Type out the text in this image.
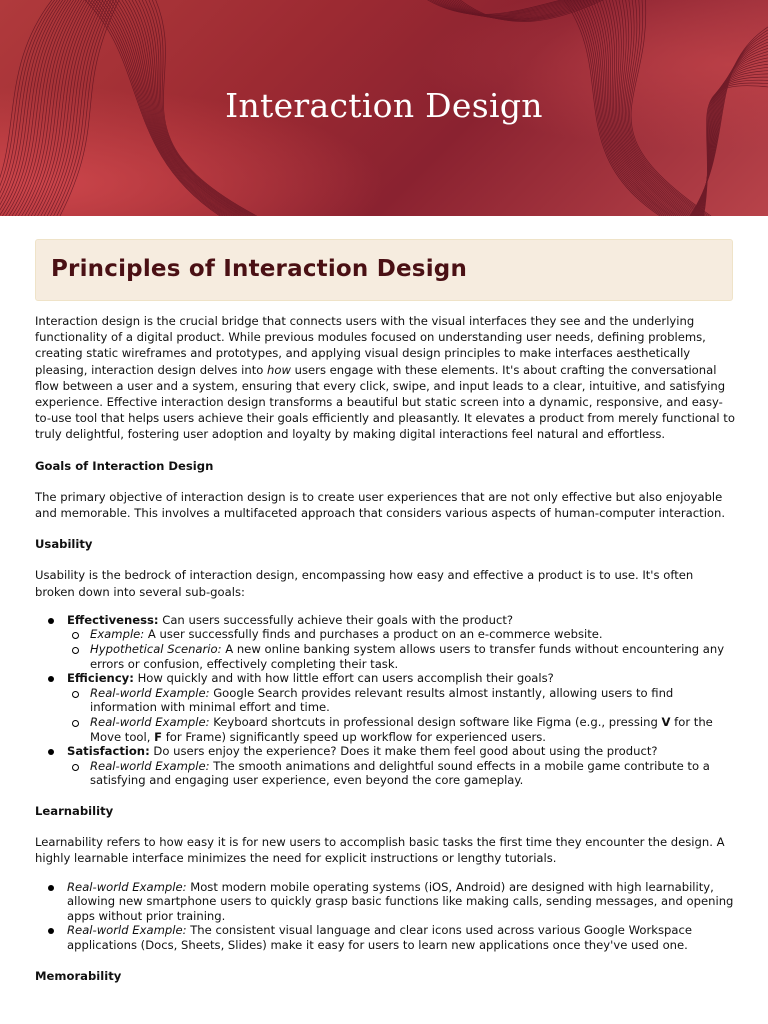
Interaction Design
Principles of Interaction Design

Interaction design is the crucial bridge that connects users with the visual interfaces they see and the underlying functionality of a digital product. While previous modules focused on understanding user needs, defining problems, creating static wireframes and prototypes, and applying visual design principles to make interfaces aesthetically pleasing, interaction design delves into how users engage with these elements. It's about crafting the conversational flow between a user and a system, ensuring that every click, swipe, and input leads to a clear, intuitive, and satisfying experience. Effective interaction design transforms a beautiful but static screen into a dynamic, responsive, and easy-to-use tool that helps users achieve their goals efficiently and pleasantly. It elevates a product from merely functional to truly delightful, fostering user adoption and loyalty by making digital interactions feel natural and effortless.

Goals of Interaction Design

The primary objective of interaction design is to create user experiences that are not only effective but also enjoyable and memorable. This involves a multifaceted approach that considers various aspects of human-computer interaction.

Usability

Usability is the bedrock of interaction design, encompassing how easy and effective a product is to use. It's often broken down into several sub-goals:

Effectiveness: Can users successfully achieve their goals with the product?
Example: A user successfully finds and purchases a product on an e-commerce website.
Hypothetical Scenario: A new online banking system allows users to transfer funds without encountering any errors or confusion, effectively completing their task.
Efficiency: How quickly and with how little effort can users accomplish their goals?
Real-world Example: Google Search provides relevant results almost instantly, allowing users to find information with minimal effort and time.
Real-world Example: Keyboard shortcuts in professional design software like Figma (e.g., pressing V for the Move tool, F for Frame) significantly speed up workflow for experienced users.
Satisfaction: Do users enjoy the experience? Does it make them feel good about using the product?
Real-world Example: The smooth animations and delightful sound effects in a mobile game contribute to a satisfying and engaging user experience, even beyond the core gameplay.
Learnability

Learnability refers to how easy it is for new users to accomplish basic tasks the first time they encounter the design. A highly learnable interface minimizes the need for explicit instructions or lengthy tutorials.

Real-world Example: Most modern mobile operating systems (iOS, Android) are designed with high learnability, allowing new smartphone users to quickly grasp basic functions like making calls, sending messages, and opening apps without prior training.
Real-world Example: The consistent visual language and clear icons used across various Google Workspace applications (Docs, Sheets, Slides) make it easy for users to learn new applications once they've used one.
Memorability
